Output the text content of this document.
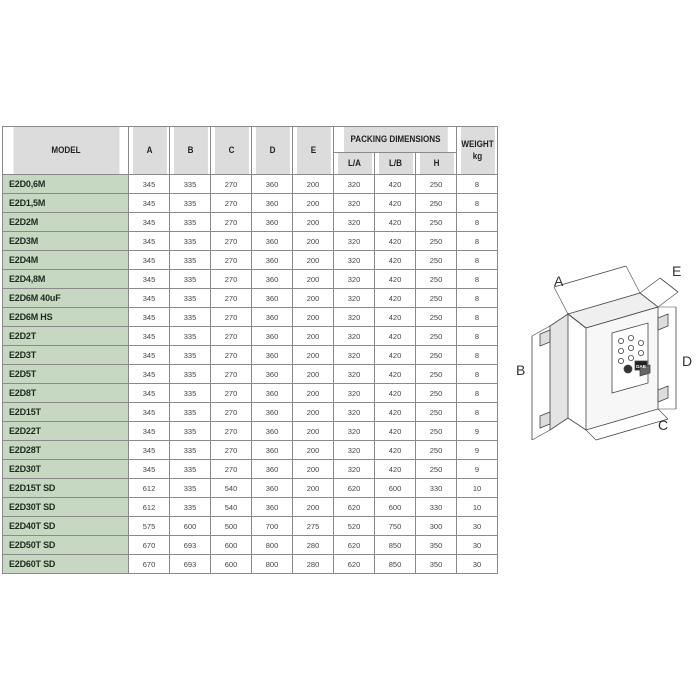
MODEL	A	B	C	D	E	PACKING DIMENSIONS			WEIGHT
kg
						L/A	L/B	H	
E2D0,6M	345	335	270	360	200	320	420	250	8
E2D1,5M	345	335	270	360	200	320	420	250	8
E2D2M	345	335	270	360	200	320	420	250	8
E2D3M	345	335	270	360	200	320	420	250	8
E2D4M	345	335	270	360	200	320	420	250	8
E2D4,8M	345	335	270	360	200	320	420	250	8
E2D6M 40uF	345	335	270	360	200	320	420	250	8
E2D6M HS	345	335	270	360	200	320	420	250	8
E2D2T	345	335	270	360	200	320	420	250	8
E2D3T	345	335	270	360	200	320	420	250	8
E2D5T	345	335	270	360	200	320	420	250	8
E2D8T	345	335	270	360	200	320	420	250	8
E2D15T	345	335	270	360	200	320	420	250	8
E2D22T	345	335	270	360	200	320	420	250	9
E2D28T	345	335	270	360	200	320	420	250	9
E2D30T	345	335	270	360	200	320	420	250	9
E2D15T SD	612	335	540	360	200	620	600	330	10
E2D30T SD	612	335	540	360	200	620	600	330	10
E2D40T SD	575	600	500	700	275	520	750	300	30
E2D50T SD	670	693	600	800	280	620	850	350	30
E2D60T SD	670	693	600	800	280	620	850	350	30
A
E
B
D
C
DAB
